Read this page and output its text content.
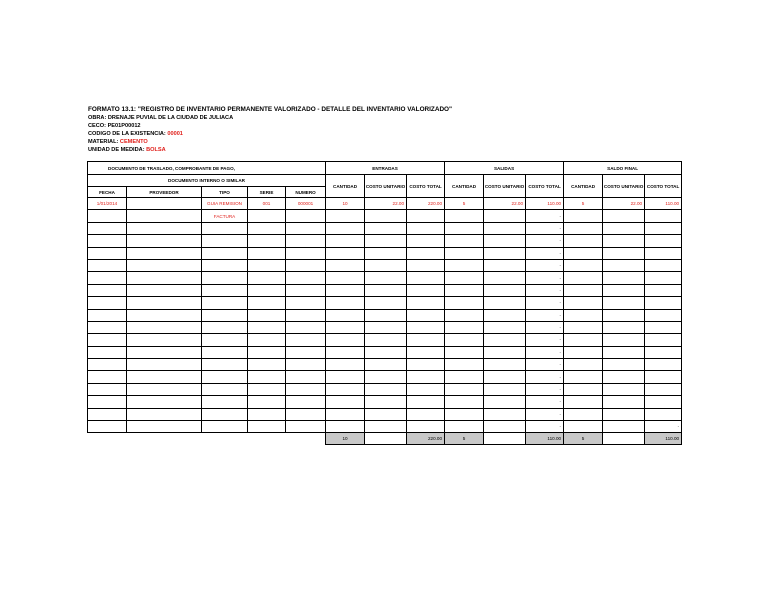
FORMATO 13.1: "REGISTRO DE INVENTARIO PERMANENTE VALORIZADO - DETALLE DEL INVENTARIO VALORIZADO"
OBRA: DRENAJE PUVIAL DE LA CIUDAD DE JULIACA
CECO: PE01P00012
CODIGO DE LA EXISTENCIA: 00001
MATERIAL: CEMENTO
UNIDAD DE MEDIDA: BOLSA
DOCUMENTO DE TRASLADO, COMPROBANTE DE PAGO,					ENTRADAS			SALIDAS			SALDO FINAL		
DOCUMENTO INTERNO O SIMILAR					CANTIDAD	COSTO UNITARIO	COSTO TOTAL	CANTIDAD	COSTO UNITARIO	COSTO TOTAL	CANTIDAD	COSTO UNITARIO	COSTO TOTAL
FECHA	PROVEEDOR	TIPO	SERIE	NUMERO									
1/01/2014		GUIA REMISION	001	000001	10	22.00	220.00	5	22.00	110.00	5	22.00	110.00
		FACTURA								-			
										-			
										-			
										-			
										-			
										-			
										-			
										-			
										-			
										-			
										-			
										-			
										-			
										-			
										-			
										-			
										-			
										-			-
					10		220.00	5		110.00	5		110.00
